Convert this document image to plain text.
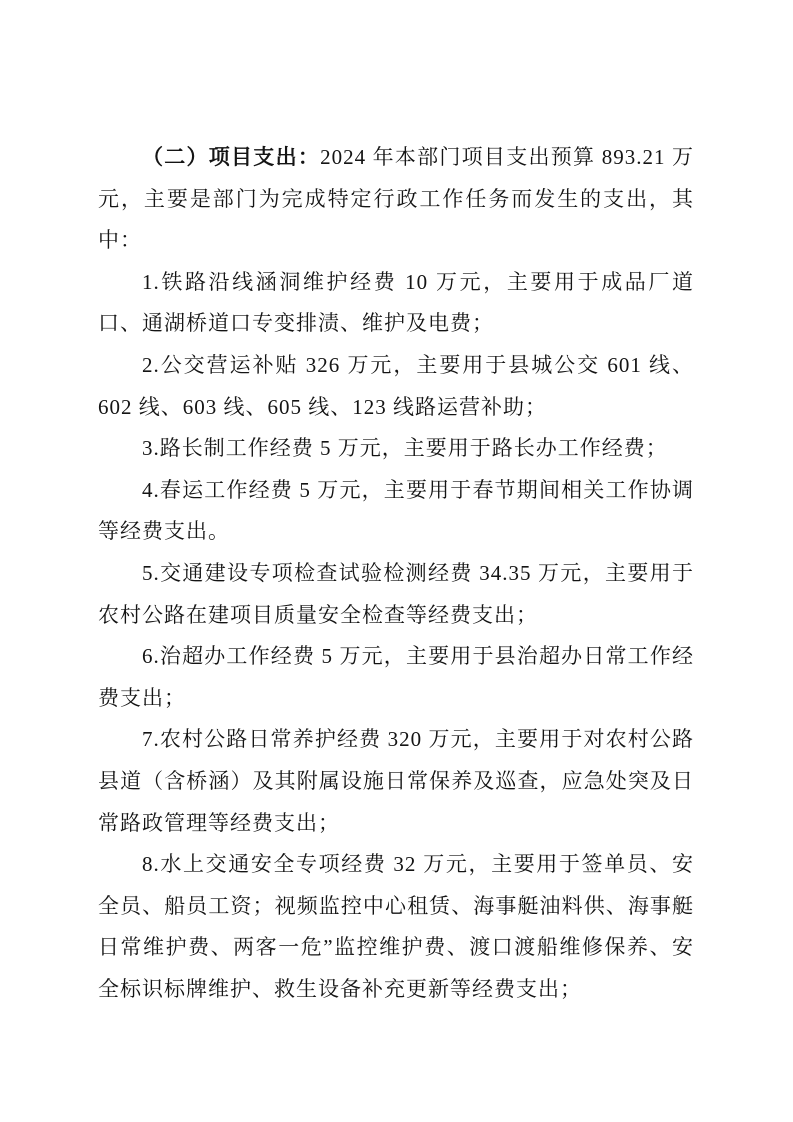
（二）项目支出：2024 年本部门项目支出预算 893.21 万元，主要是部门为完成特定行政工作任务而发生的支出，其中：

1.铁路沿线涵洞维护经费 10 万元，主要用于成品厂道口、通湖桥道口专变排渍、维护及电费；

2.公交营运补贴 326 万元，主要用于县城公交 601 线、602 线、603 线、605 线、123 线路运营补助；

3.路长制工作经费 5 万元，主要用于路长办工作经费；

4.春运工作经费 5 万元，主要用于春节期间相关工作协调等经费支出。

5.交通建设专项检查试验检测经费 34.35 万元，主要用于农村公路在建项目质量安全检查等经费支出；

6.治超办工作经费 5 万元，主要用于县治超办日常工作经费支出；

7.农村公路日常养护经费 320 万元，主要用于对农村公路县道（含桥涵）及其附属设施日常保养及巡查，应急处突及日常路政管理等经费支出；

8.水上交通安全专项经费 32 万元，主要用于签单员、安全员、船员工资；视频监控中心租赁、海事艇油料供、海事艇日常维护费、两客一危”监控维护费、渡口渡船维修保养、安全标识标牌维护、救生设备补充更新等经费支出；
